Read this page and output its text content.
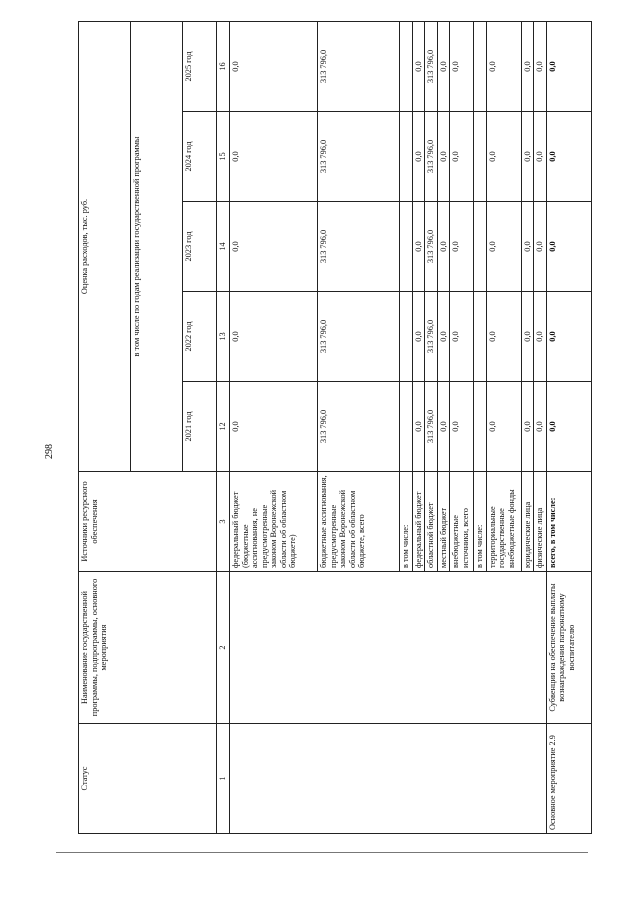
298
Статус	Наименование государственной программы, подпрограммы, основного мероприятия	Источники ресурсного обеспечения	Оценка расходов, тыс. руб.				
			в том числе по годам реализации государственной программы				
			2021 год	2022 год	2023 год	2024 год	2025 год
1	2	3	12	13	14	15	16
		федеральный бюджет (бюджетные ассигнования, не предусмотренные законом Воронежской области об областном бюджете)	0,0	0,0	0,0	0,0	0,0
		бюджетные ассигнования, предусмотренные законом Воронежской области об областном бюджете, всего	313 796,0	313 796,0	313 796,0	313 796,0	313 796,0
		в том числе:					
		федеральный бюджет	0,0	0,0	0,0	0,0	0,0
		областной бюджет	313 796,0	313 796,0	313 796,0	313 796,0	313 796,0
		местный бюджет	0,0	0,0	0,0	0,0	0,0
		внебюджетные источники, всего	0,0	0,0	0,0	0,0	0,0
		в том числе:					
		территориальные государственные внебюджетные фонды	0,0	0,0	0,0	0,0	0,0
		юридические лица	0,0	0,0	0,0	0,0	0,0
		физические лица	0,0	0,0	0,0	0,0	0,0
Основное мероприятие 2.9	Субвенции на обеспечение выплаты вознаграждения патронатному воспитателю	всего, в том числе:	0,0	0,0	0,0	0,0	0,0
